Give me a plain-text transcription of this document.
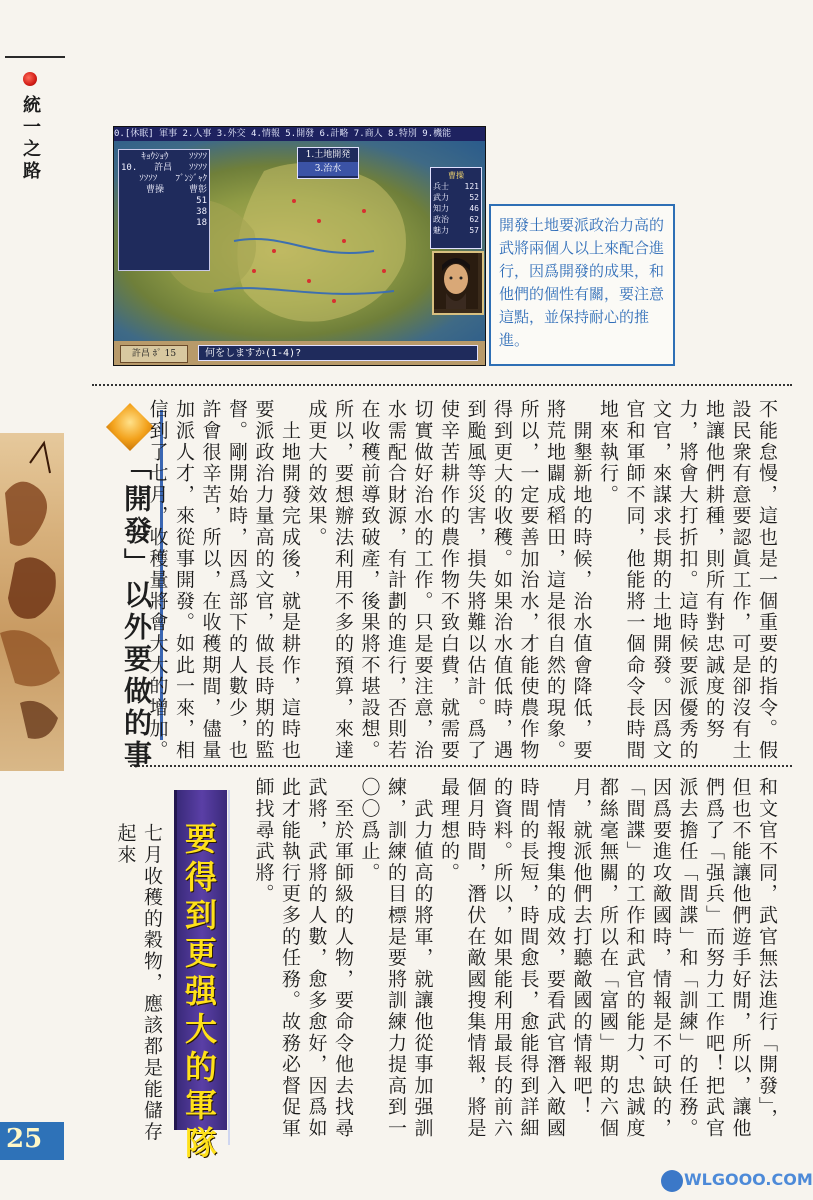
統一之路
25
0.[休眠] 軍事 2.人事 3.外交 4.情報 5.開發 6.計略 7.商人 8.特別 9.機能
ｷｮｳｼｮｳ ｿｿｿｿ
10. 許昌 ｿｿｿｿ
ｿｿｿｿ ﾌﾞﾝｼﾞｬｸ
曹操	曹彰
51
38
18
1.土地開発
3.治水
曹操
兵士 121
武力	52
知力	46
政治	62
魅力	57
許昌 ﾎﾟ 15	何をしますか(1-4)?
開發土地要派政治力高的武將兩個人以上來配合進行，因爲開發的成果，和他們的個性有關，要注意這點，並保持耐心的推進。
「開發」以外要做的事	不能怠慢，這也是一個重要的指令。假設民衆有意要認眞工作，可是卻沒有土地讓他們耕種，則所有對忠誠度的努力，將會大打折扣。這時候要派優秀的文官，來謀求長期的土地開發。因爲文官和軍師不同，他能將一個命令長時間地來執行。
　開墾新地的時候，治水值會降低，要將荒地闢成稻田，這是很自然的現象。所以，一定要善加治水，才能使農作物得到更大的收穫。如果治水值低時，遇到颱風等災害，損失將難以估計。爲了使辛苦耕作的農作物不致白費，就需要切實做好治水的工作。只是要注意，治水需配合財源，有計劃的進行，否則若在收穫前導致破產，後果將不堪設想。所以，要想辦法利用不多的預算，來達成更大的效果。
　土地開發完成後，就是耕作，這時也要派政治力量高的文官，做長時期的監督。剛開始時，因爲部下的人數少，也許會很辛苦，所以，在收穫期間，儘量加派人才，來從事開發。如此一來，相信到了七月，收穫量將會大大的增加。
要得到更强大的軍隊	和文官不同，武官無法進行「開發」，但也不能讓他們遊手好閒，所以，讓他們爲了「强兵」而努力工作吧！把武官派去擔任「間諜」和「訓練」的任務。因爲要進攻敵國時，情報是不可缺的，「間諜」的工作和武官的能力、忠誠度都絲毫無關，所以在「富國」期的六個月，就派他們去打聽敵國的情報吧！
　情報搜集的成效，要看武官潛入敵國時間的長短，時間愈長，愈能得到詳細的資料。所以，如果能利用最長的前六個月時間，潛伏在敵國搜集情報，將是最理想的。
　武力値高的將軍，就讓他從事加强訓練，訓練的目標是要將訓練力提高到一〇〇爲止。
　至於軍師級的人物，要命令他去找尋武將，武將的人數，愈多愈好，因爲如此才能執行更多的任務。故務必督促軍師找尋武將。
七月收穫的穀物，應該都是能儲存起來
WLGOOO.COM
